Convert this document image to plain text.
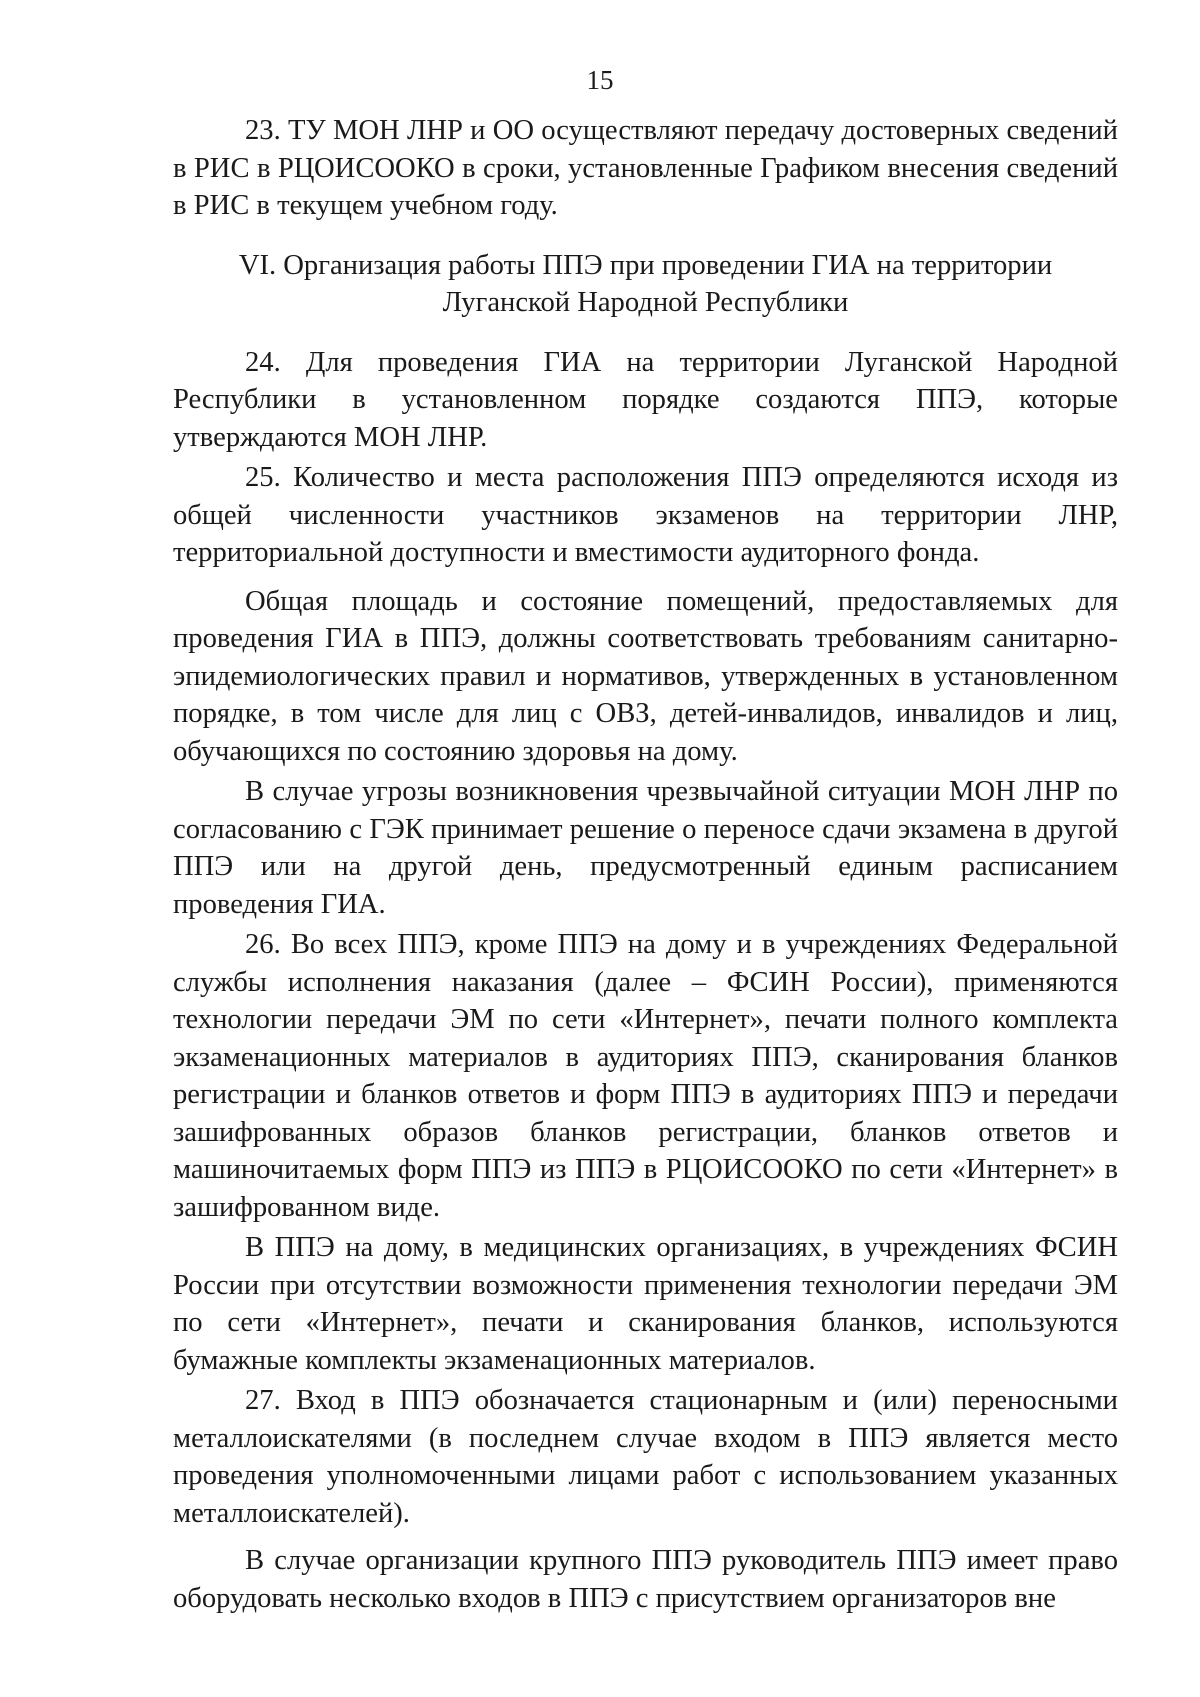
15

23. ТУ МОН ЛНР и ОО осуществляют передачу достоверных сведений в РИС в РЦОИСООКО в сроки, установленные Графиком внесения сведений в РИС в текущем учебном году.

VI. Организация работы ППЭ при проведении ГИА на территории
Луганской Народной Республики

24. Для проведения ГИА на территории Луганской Народной Республики в установленном порядке создаются ППЭ, которые утверждаются МОН ЛНР.

25. Количество и места расположения ППЭ определяются исходя из общей численности участников экзаменов на территории ЛНР, территориальной доступности и вместимости аудиторного фонда.

Общая площадь и состояние помещений, предоставляемых для проведения ГИА в ППЭ, должны соответствовать требованиям санитарно-эпидемиологических правил и нормативов, утвержденных в установленном порядке, в том числе для лиц с ОВЗ, детей-инвалидов, инвалидов и лиц, обучающихся по состоянию здоровья на дому.

В случае угрозы возникновения чрезвычайной ситуации МОН ЛНР по согласованию с ГЭК принимает решение о переносе сдачи экзамена в другой ППЭ или на другой день, предусмотренный единым расписанием проведения ГИА.

26. Во всех ППЭ, кроме ППЭ на дому и в учреждениях Федеральной службы исполнения наказания (далее – ФСИН России), применяются технологии передачи ЭМ по сети «Интернет», печати полного комплекта экзаменационных материалов в аудиториях ППЭ, сканирования бланков регистрации и бланков ответов и форм ППЭ в аудиториях ППЭ и передачи зашифрованных образов бланков регистрации, бланков ответов и машиночитаемых форм ППЭ из ППЭ в РЦОИСООКО по сети «Интернет» в зашифрованном виде.

В ППЭ на дому, в медицинских организациях, в учреждениях ФСИН России при отсутствии возможности применения технологии передачи ЭМ по сети «Интернет», печати и сканирования бланков, используются бумажные комплекты экзаменационных материалов.

27. Вход в ППЭ обозначается стационарным и (или) переносными металлоискателями (в последнем случае входом в ППЭ является место проведения уполномоченными лицами работ с использованием указанных металлоискателей).

В случае организации крупного ППЭ руководитель ППЭ имеет право оборудовать несколько входов в ППЭ с присутствием организаторов вне
